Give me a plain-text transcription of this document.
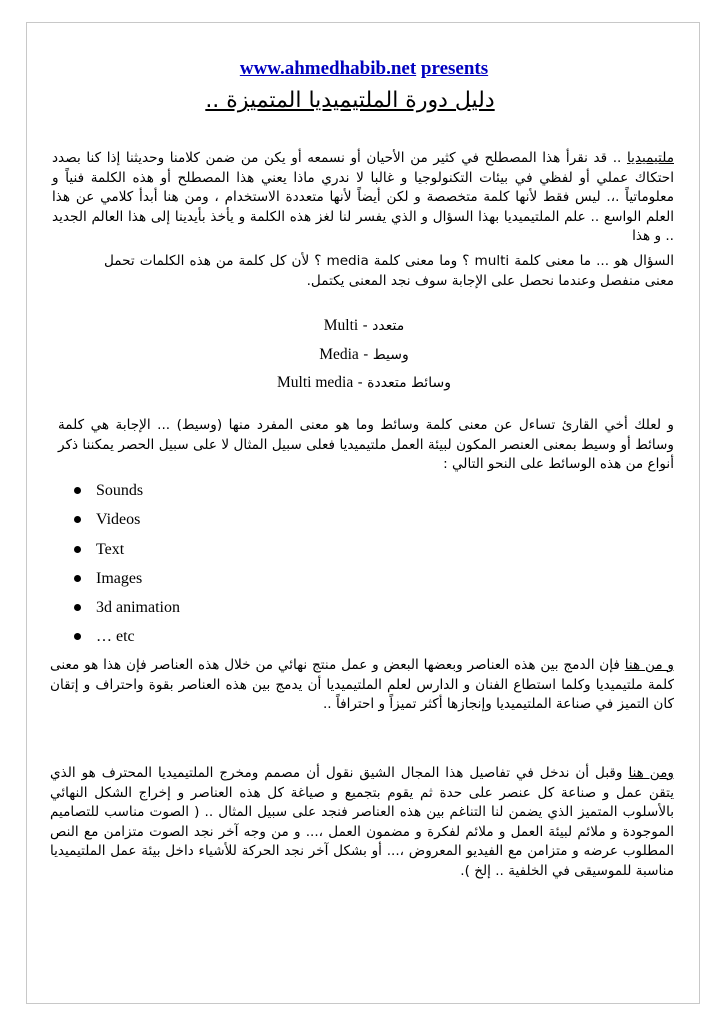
www.ahmedhabib.net presents
دليل دورة الملتيميديا المتميزة ..
ملتيميديا .. قد نقرأ هذا المصطلح في كثير من الأحيان أو نسمعه أو يكن من ضمن كلامنا وحديثنا إذا كنا بصدد احتكاك عملي أو لفظي في بيئات التكنولوجيا و غالبا لا ندري ماذا يعني هذا المصطلح أو هذه الكلمة فنياً و معلوماتياً .،. ليس فقط لأنها كلمة متخصصة و لكن أيضاً لأنها متعددة الاستخدام ، ومن هنا أبدأ كلامي عن هذا العلم الواسع .. علم الملتيميديا بهذا السؤال و الذي يفسر لنا لغز هذه الكلمة و يأخذ بأيدينا إلى هذا العالم الجديد .. و هذا
السؤال هو ... ما معنى كلمة multi ؟ وما معنى كلمة media ؟ لأن كل كلمة من هذه الكلمات تحمل معنى منفصل وعندما نحصل على الإجابة سوف نجد المعنى يكتمل.
متعدد - Multi
وسيط - Media
وسائط متعددة - Multi media
و لعلك أخي القارئ تساءل عن معنى كلمة وسائط وما هو معنى المفرد منها (وسيط) ... الإجابة هي كلمة وسائط أو وسيط بمعنى العنصر المكون لبيئة العمل ملتيميديا فعلى سبيل المثال لا على سبيل الحصر يمكننا ذكر أنواع من هذه الوسائط على النحو التالي :
Sounds
Videos
Text
Images
3d animation
… etc
و من هنا فإن الدمج بين هذه العناصر وبعضها البعض و عمل منتج نهائي من خلال هذه العناصر فإن هذا هو معنى كلمة ملتيميديا وكلما استطاع الفنان و الدارس لعلم الملتيميديا أن يدمج بين هذه العناصر بقوة واحتراف و إتقان كان التميز في صناعة الملتيميديا وإنجازها أكثر تميزاً و احترافاً ..
ومن هنا وقبل أن ندخل في تفاصيل هذا المجال الشيق نقول أن مصمم ومخرج الملتيميديا المحترف هو الذي يتقن عمل و صناعة كل عنصر على حدة ثم يقوم بتجميع و صياغة كل هذه العناصر و إخراج الشكل النهائي بالأسلوب المتميز الذي يضمن لنا التناغم بين هذه العناصر فنجد على سبيل المثال .. ( الصوت مناسب للتصاميم الموجودة و ملائم لبيئة العمل و ملائم لفكرة و مضمون العمل ،... و من وجه آخر نجد الصوت متزامن مع النص المطلوب عرضه و متزامن مع الفيديو المعروض ،... أو بشكل آخر نجد الحركة للأشياء داخل بيئة عمل الملتيميديا مناسبة للموسيقى في الخلفية .. إلخ ).
